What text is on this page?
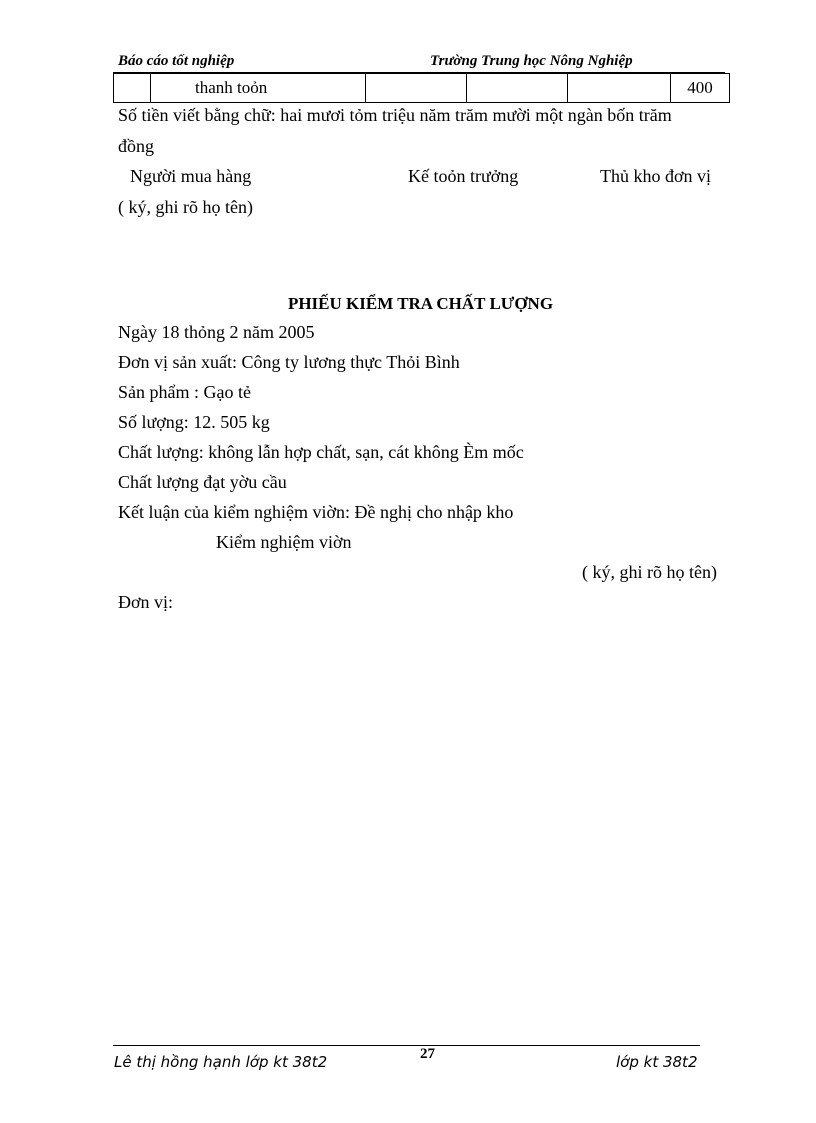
Báo cáo tốt nghiệp	Trường Trung học Nông Nghiệp
	thanh toỏn				400
Số tiền viết bằng chữ: hai mươi tỏm triệu năm trăm mười một ngàn bốn trăm
đồng
Người mua hàng	Kế toỏn trưởng	Thủ kho đơn vị
( ký, ghi rõ họ tên)
PHIẾU KIỂM TRA CHẤT LƯỢNG
Ngày 18 thỏng 2 năm 2005
Đơn vị sản xuất: Công ty lương thực Thỏi Bình
Sản phẩm : Gạo tẻ
Số lượng: 12. 505 kg
Chất lượng: không lẫn hợp chất, sạn, cát không Èm mốc
Chất lượng đạt yờu cầu
Kết luận của kiểm nghiệm viờn: Đề nghị cho nhập kho
Kiểm nghiệm viờn
( ký, ghi rõ họ tên)
Đơn vị:
Lê thị hồng hạnh lớp kt 38t2	27	lớp kt 38t2
